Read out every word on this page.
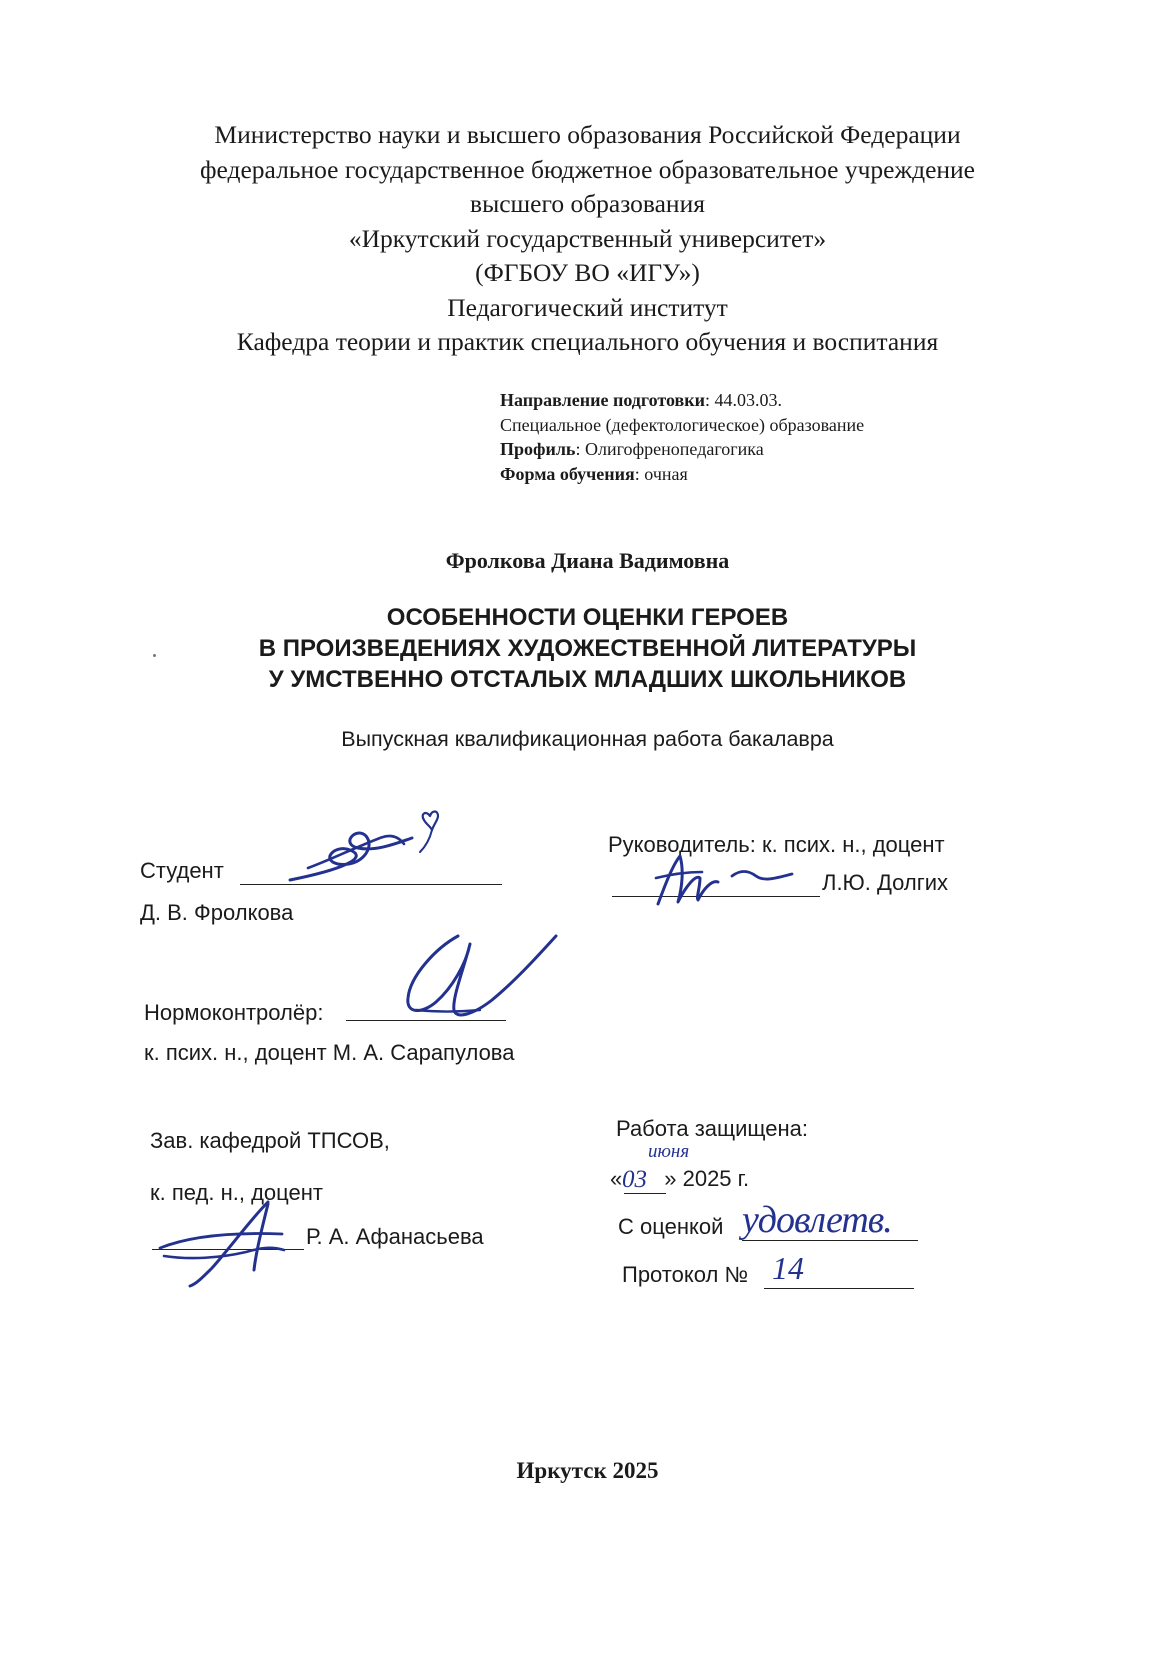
Министерство науки и высшего образования Российской Федерации
федеральное государственное бюджетное образовательное учреждение
высшего образования
«Иркутский государственный университет»
(ФГБОУ ВО «ИГУ»)
Педагогический институт
Кафедра теории и практик специального обучения и воспитания
Направление подготовки: 44.03.03.
Специальное (дефектологическое) образование
Профиль: Олигофренопедагогика
Форма обучения: очная
Фролкова Диана Вадимовна
ОСОБЕННОСТИ ОЦЕНКИ ГЕРОЕВ
В ПРОИЗВЕДЕНИЯХ ХУДОЖЕСТВЕННОЙ ЛИТЕРАТУРЫ
У УМСТВЕННО ОТСТАЛЫХ МЛАДШИХ ШКОЛЬНИКОВ
Выпускная квалификационная работа бакалавра
Студент
Д. В. Фролкова
Руководитель: к. псих. н., доцент
Л.Ю. Долгих
Нормоконтролёр:
к. псих. н., доцент М. А. Сарапулова
Зав. кафедрой ТПСОВ,
к. пед. н., доцент
Р. А. Афанасьева
Работа защищена:
« » 2025 г.
03
июня
С оценкой удовлетв.
Протокол № 14
Иркутск 2025
